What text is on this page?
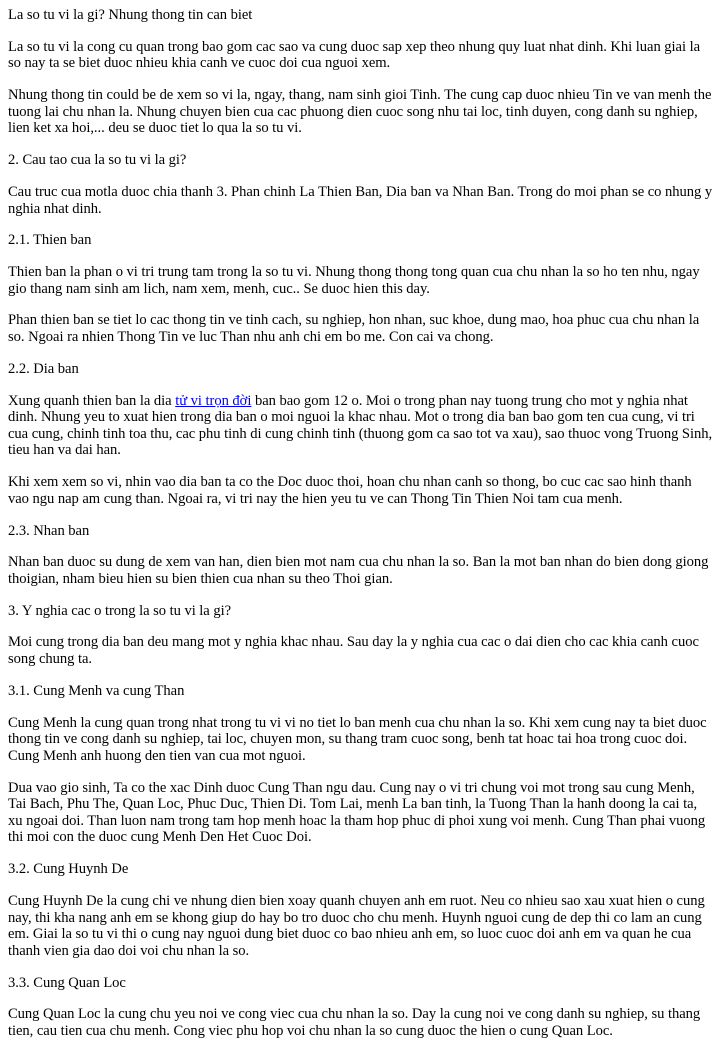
La so tu vi la gi? Nhung thong tin can biet

La so tu vi la cong cu quan trong bao gom cac sao va cung duoc sap xep theo nhung quy luat nhat dinh. Khi luan giai la so nay ta se biet duoc nhieu khia canh ve cuoc doi cua nguoi xem.

Nhung thong tin could be de xem so vi la, ngay, thang, nam sinh gioi Tinh. The cung cap duoc nhieu Tin ve van menh the tuong lai chu nhan la. Nhung chuyen bien cua cac phuong dien cuoc song nhu tai loc, tinh duyen, cong danh su nghiep, lien ket xa hoi,... deu se duoc tiet lo qua la so tu vi.

2. Cau tao cua la so tu vi la gi?

Cau truc cua motla duoc chia thanh 3. Phan chinh La Thien Ban, Dia ban va Nhan Ban. Trong do moi phan se co nhung y nghia nhat dinh.

2.1. Thien ban

Thien ban la phan o vi tri trung tam trong la so tu vi. Nhung thong thong tong quan cua chu nhan la so ho ten nhu, ngay gio thang nam sinh am lich, nam xem, menh, cuc.. Se duoc hien this day.

Phan thien ban se tiet lo cac thong tin ve tinh cach, su nghiep, hon nhan, suc khoe, dung mao, hoa phuc cua chu nhan la so. Ngoai ra nhien Thong Tin ve luc Than nhu anh chi em bo me. Con cai va chong.

2.2. Dia ban

Xung quanh thien ban la dia tử vi trọn đời ban bao gom 12 o. Moi o trong phan nay tuong trung cho mot y nghia nhat dinh. Nhung yeu to xuat hien trong dia ban o moi nguoi la khac nhau. Mot o trong dia ban bao gom ten cua cung, vi tri cua cung, chinh tinh toa thu, cac phu tinh di cung chinh tinh (thuong gom ca sao tot va xau), sao thuoc vong Truong Sinh, tieu han va dai han.

Khi xem xem so vi, nhin vao dia ban ta co the Doc duoc thoi, hoan chu nhan canh so thong, bo cuc cac sao hinh thanh vao ngu nap am cung than. Ngoai ra, vi tri nay the hien yeu tu ve can Thong Tin Thien Noi tam cua menh.

2.3. Nhan ban

Nhan ban duoc su dung de xem van han, dien bien mot nam cua chu nhan la so. Ban la mot ban nhan do bien dong giong thoigian, nham bieu hien su bien thien cua nhan su theo Thoi gian.

3. Y nghia cac o trong la so tu vi la gi?

Moi cung trong dia ban deu mang mot y nghia khac nhau. Sau day la y nghia cua cac o dai dien cho cac khia canh cuoc song chung ta.

3.1. Cung Menh va cung Than

Cung Menh la cung quan trong nhat trong tu vi vi no tiet lo ban menh cua chu nhan la so. Khi xem cung nay ta biet duoc thong tin ve cong danh su nghiep, tai loc, chuyen mon, su thang tram cuoc song, benh tat hoac tai hoa trong cuoc doi. Cung Menh anh huong den tien van cua mot nguoi.

Dua vao gio sinh, Ta co the xac Dinh duoc Cung Than ngu dau. Cung nay o vi tri chung voi mot trong sau cung Menh, Tai Bach, Phu The, Quan Loc, Phuc Duc, Thien Di. Tom Lai, menh La ban tinh, la Tuong Than la hanh doong la cai ta, xu ngoai doi. Than luon nam trong tam hop menh hoac la tham hop phuc di phoi xung voi menh. Cung Than phai vuong thi moi con the duoc cung Menh Den Het Cuoc Doi.

3.2. Cung Huynh De

Cung Huynh De la cung chi ve nhung dien bien xoay quanh chuyen anh em ruot. Neu co nhieu sao xau xuat hien o cung nay, thi kha nang anh em se khong giup do hay bo tro duoc cho chu menh. Huynh nguoi cung de dep thi co lam an cung em. Giai la so tu vi thi o cung nay nguoi dung biet duoc co bao nhieu anh em, so luoc cuoc doi anh em va quan he cua thanh vien gia dao doi voi chu nhan la so.

3.3. Cung Quan Loc

Cung Quan Loc la cung chu yeu noi ve cong viec cua chu nhan la so. Day la cung noi ve cong danh su nghiep, su thang tien, cau tien cua chu menh. Cong viec phu hop voi chu nhan la so cung duoc the hien o cung Quan Loc.
